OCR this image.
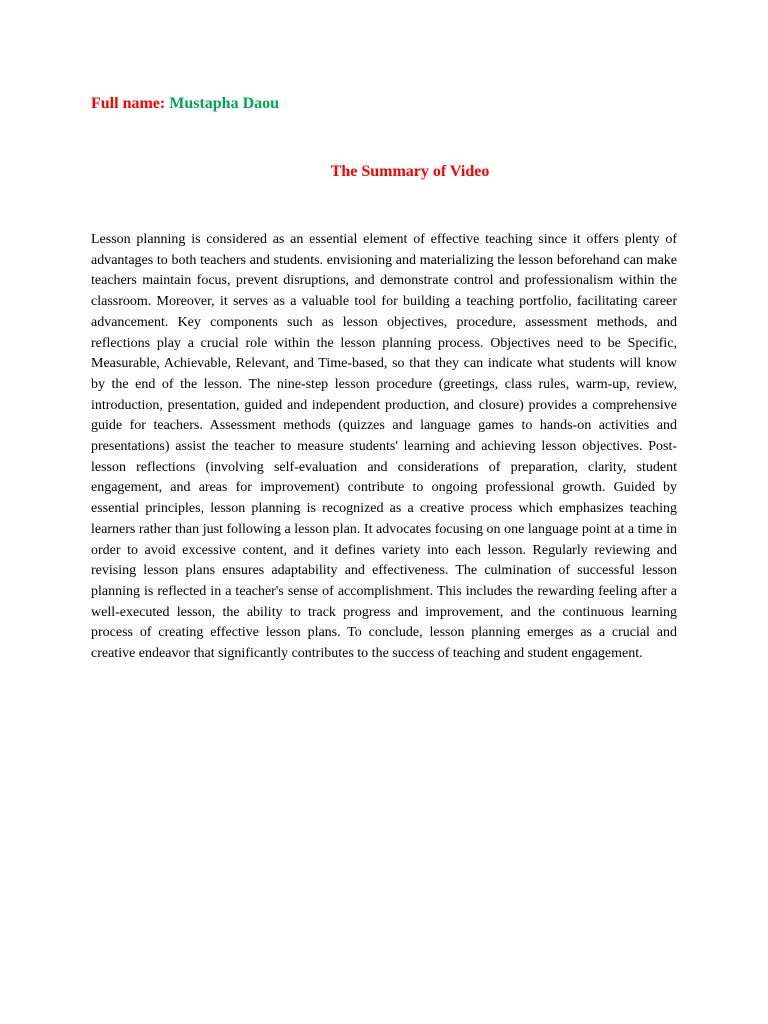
Full name: Mustapha Daou
The Summary of Video

Lesson planning is considered as an essential element of effective teaching since it offers plenty of advantages to both teachers and students. envisioning and materializing the lesson beforehand can make teachers maintain focus, prevent disruptions, and demonstrate control and professionalism within the classroom. Moreover, it serves as a valuable tool for building a teaching portfolio, facilitating career advancement. Key components such as lesson objectives, procedure, assessment methods, and reflections play a crucial role within the lesson planning process. Objectives need to be Specific, Measurable, Achievable, Relevant, and Time-based, so that they can indicate what students will know by the end of the lesson. The nine-step lesson procedure (greetings, class rules, warm-up, review, introduction, presentation, guided and independent production, and closure) provides a comprehensive guide for teachers. Assessment methods (quizzes and language games to hands-on activities and presentations) assist the teacher to measure students' learning and achieving lesson objectives. Post-lesson reflections (involving self-evaluation and considerations of preparation, clarity, student engagement, and areas for improvement) contribute to ongoing professional growth. Guided by essential principles, lesson planning is recognized as a creative process which emphasizes teaching learners rather than just following a lesson plan. It advocates focusing on one language point at a time in order to avoid excessive content, and it defines variety into each lesson. Regularly reviewing and revising lesson plans ensures adaptability and effectiveness. The culmination of successful lesson planning is reflected in a teacher's sense of accomplishment. This includes the rewarding feeling after a well-executed lesson, the ability to track progress and improvement, and the continuous learning process of creating effective lesson plans. To conclude, lesson planning emerges as a crucial and creative endeavor that significantly contributes to the success of teaching and student engagement.
